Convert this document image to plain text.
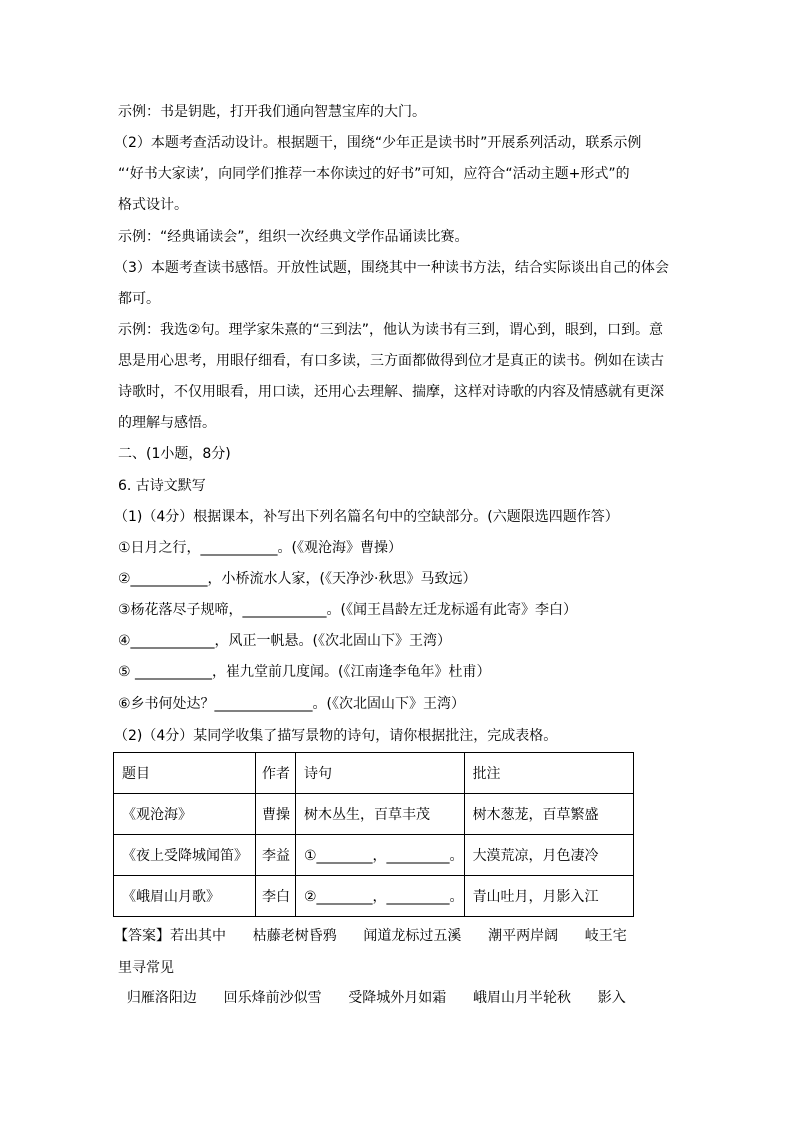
示例：书是钥匙，打开我们通向智慧宝库的大门。
（2）本题考查活动设计。根据题干，围绕“少年正是读书时”开展系列活动，联系示例
“‘好书大家读’，向同学们推荐一本你读过的好书”可知，应符合“活动主题+形式”的
格式设计。
示例：“经典诵读会”，组织一次经典文学作品诵读比赛。
（3）本题考查读书感悟。开放性试题，围绕其中一种读书方法，结合实际谈出自己的体会
都可。
示例：我选②句。理学家朱熹的“三到法”，他认为读书有三到，谓心到，眼到，口到。意
思是用心思考，用眼仔细看，有口多读，三方面都做得到位才是真正的读书。例如在读古
诗歌时，不仅用眼看，用口读，还用心去理解、揣摩，这样对诗歌的内容及情感就有更深
的理解与感悟。
二、(1小题，8分)
6. 古诗文默写
（1)（4分）根据课本，补写出下列名篇名句中的空缺部分。(六题限选四题作答）
①日月之行，___________。(《观沧海》曹操）
②___________，小桥流水人家，(《天净沙·秋思》马致远）
③杨花落尽子规啼，____________。(《闻王昌龄左迁龙标遥有此寄》李白）
④____________，风正一帆悬。(《次北固山下》王湾）
⑤ ___________，崔九堂前几度闻。(《江南逢李龟年》杜甫）
⑥乡书何处达？______________。(《次北固山下》王湾）
（2)（4分）某同学收集了描写景物的诗句，请你根据批注，完成表格。
题目	作者	诗句	批注
《观沧海》	曹操	树木丛生，百草丰茂	树木葱茏，百草繁盛
《夜上受降城闻笛》	李益	①________，_________。	大漠荒凉，月色凄冷
《峨眉山月歌》	李白	②________，_________。	青山吐月，月影入江
【答案】若出其中      枯藤老树昏鸦      闻道龙标过五溪      潮平两岸阔      岐王宅
里寻常见
归雁洛阳边      回乐烽前沙似雪      受降城外月如霜      峨眉山月半轮秋      影入
